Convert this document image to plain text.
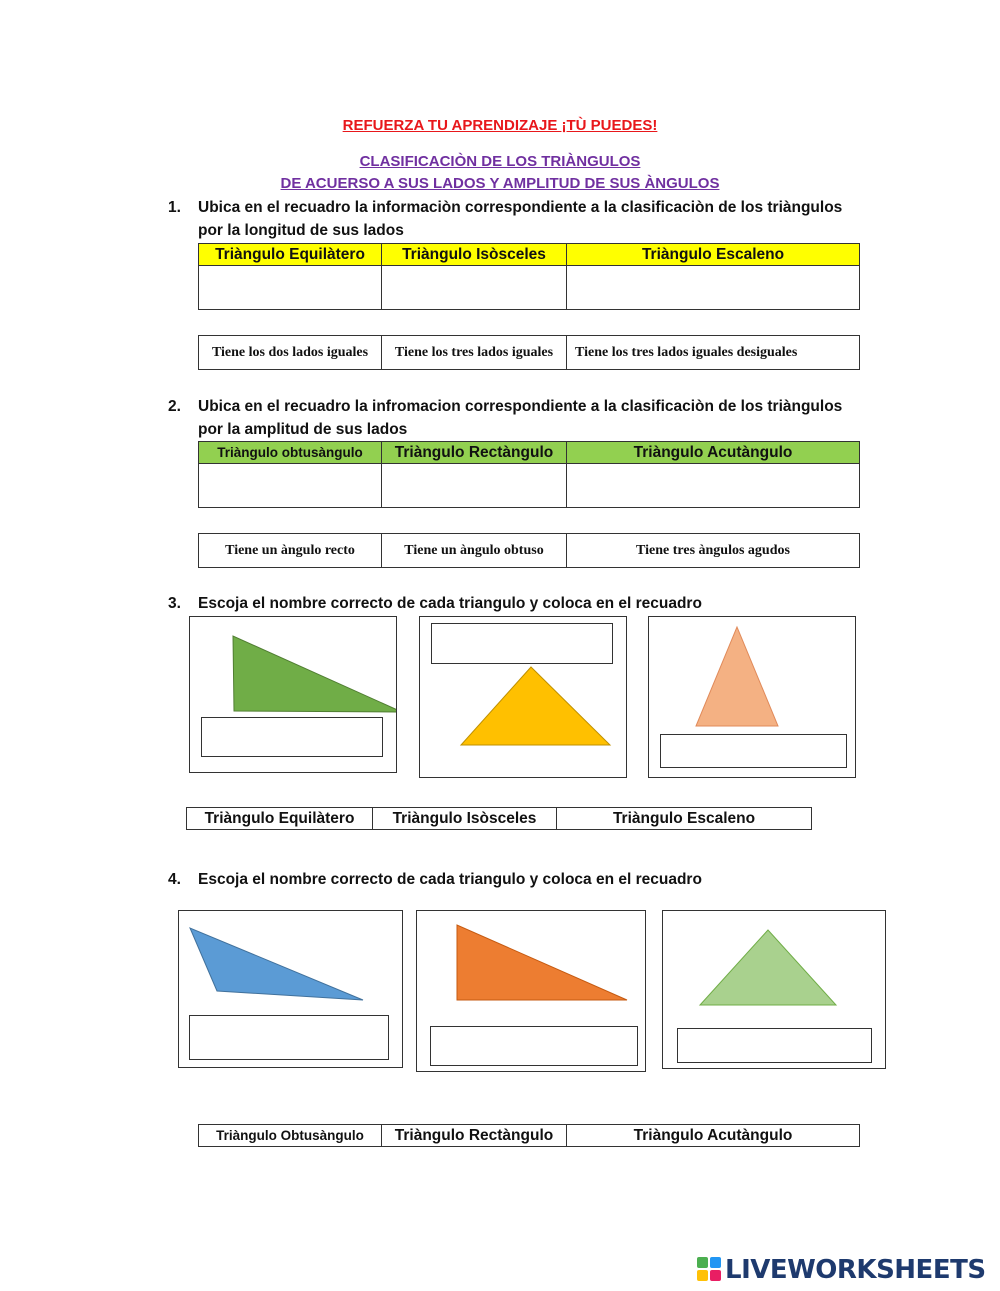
REFUERZA TU APRENDIZAJE ¡TÙ PUEDES!
CLASIFICACIÒN DE LOS TRIÀNGULOS
DE ACUERSO A SUS LADOS Y AMPLITUD DE SUS ÀNGULOS
1. Ubica en el recuadro la informaciòn correspondiente a la clasificaciòn de los triàngulos
por la longitud de sus lados
Triàngulo Equilàtero	Triàngulo Isòsceles	Triàngulo Escaleno

Tiene los dos lados iguales	Tiene los tres lados iguales	Tiene los tres lados iguales desiguales
2. Ubica en el recuadro la infromacion correspondiente a la clasificaciòn de los triàngulos
por la amplitud de sus lados
Triàngulo obtusàngulo	Triàngulo Rectàngulo	Triàngulo Acutàngulo

Tiene un àngulo recto	Tiene un àngulo obtuso	Tiene tres àngulos agudos
3. Escoja el nombre correcto de cada triangulo y coloca en el recuadro
Triàngulo Equilàtero	Triàngulo Isòsceles	Triàngulo Escaleno
4. Escoja el nombre correcto de cada triangulo y coloca en el recuadro
Triàngulo Obtusàngulo	Triàngulo Rectàngulo	Triàngulo Acutàngulo
LIVEWORKSHEETS
